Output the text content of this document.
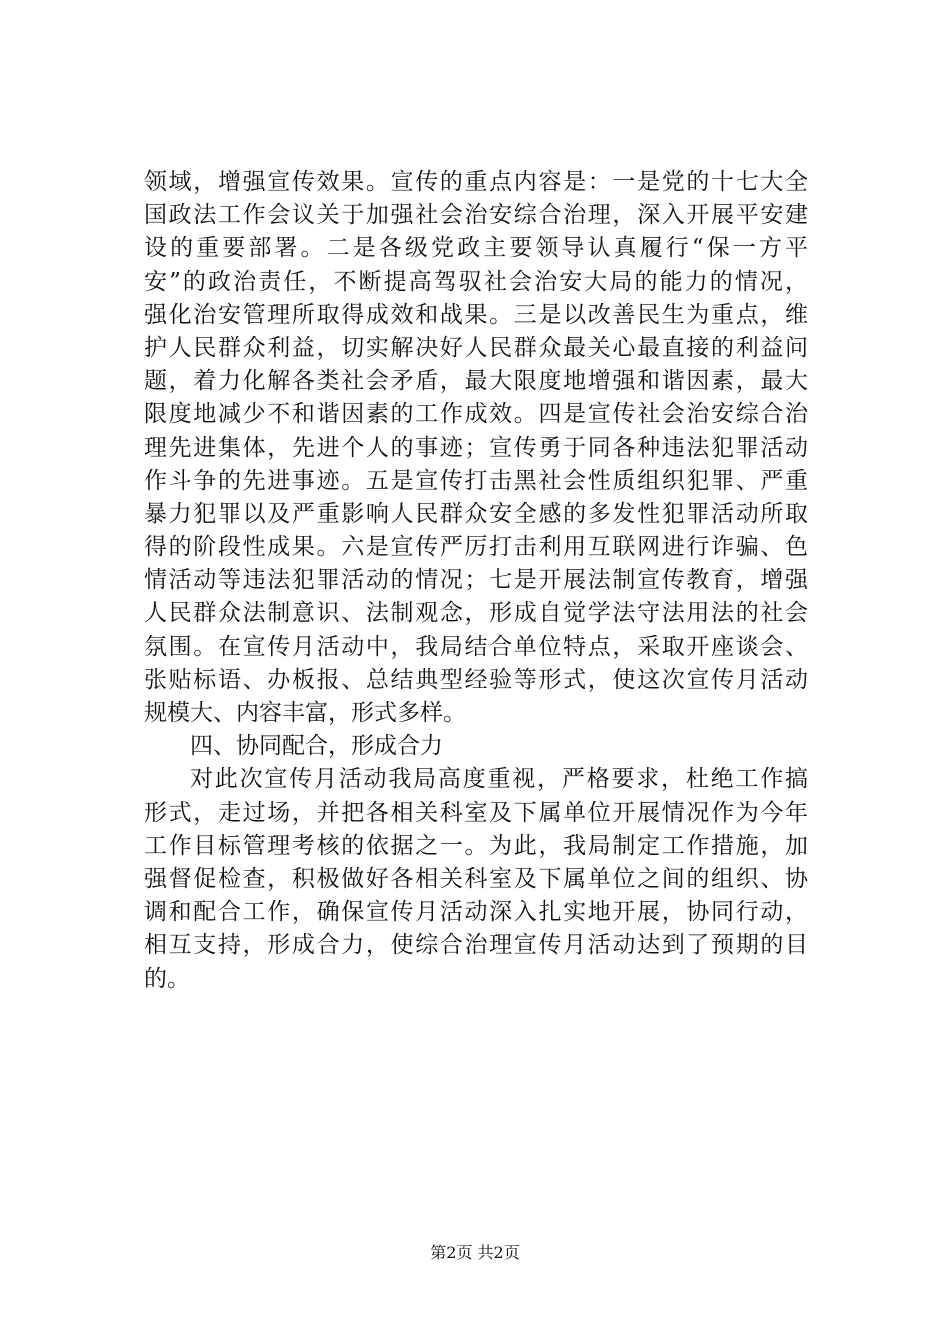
领域，增强宣传效果。宣传的重点内容是：一是党的十七大全
国政法工作会议关于加强社会治安综合治理，深入开展平安建
设的重要部署。二是各级党政主要领导认真履行“保一方平
安”的政治责任，不断提高驾驭社会治安大局的能力的情况，
强化治安管理所取得成效和战果。三是以改善民生为重点，维
护人民群众利益，切实解决好人民群众最关心最直接的利益问
题，着力化解各类社会矛盾，最大限度地增强和谐因素，最大
限度地减少不和谐因素的工作成效。四是宣传社会治安综合治
理先进集体，先进个人的事迹；宣传勇于同各种违法犯罪活动
作斗争的先进事迹。五是宣传打击黑社会性质组织犯罪、严重
暴力犯罪以及严重影响人民群众安全感的多发性犯罪活动所取
得的阶段性成果。六是宣传严厉打击利用互联网进行诈骗、色
情活动等违法犯罪活动的情况；七是开展法制宣传教育，增强
人民群众法制意识、法制观念，形成自觉学法守法用法的社会
氛围。在宣传月活动中，我局结合单位特点，采取开座谈会、
张贴标语、办板报、总结典型经验等形式，使这次宣传月活动
规模大、内容丰富，形式多样。
四、协同配合，形成合力
对此次宣传月活动我局高度重视，严格要求，杜绝工作搞
形式，走过场，并把各相关科室及下属单位开展情况作为今年
工作目标管理考核的依据之一。为此，我局制定工作措施，加
强督促检查，积极做好各相关科室及下属单位之间的组织、协
调和配合工作，确保宣传月活动深入扎实地开展，协同行动，
相互支持，形成合力，使综合治理宣传月活动达到了预期的目
的。
第2页 共2页
